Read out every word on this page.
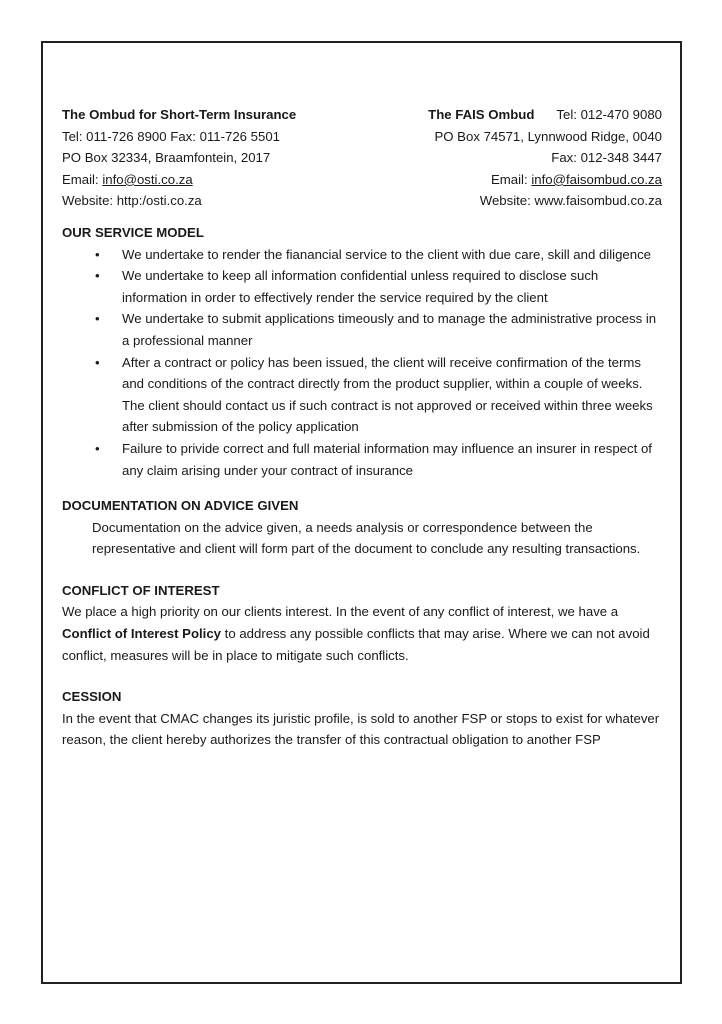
The Ombud for Short-Term Insurance
Tel: 011-726 8900 Fax: 011-726 5501
PO Box 32334, Braamfontein, 2017
Email: info@osti.co.za
Website: http:/osti.co.za
The FAIS Ombud Tel: 012-470 9080
PO Box 74571, Lynnwood Ridge, 0040
Fax: 012-348 3447
Email: info@faisombud.co.za
Website: www.faisombud.co.za
OUR SERVICE MODEL
• We undertake to render the fianancial service to the client with due care, skill and diligence
• We undertake to keep all information confidential unless required to disclose such information in order to effectively render the service required by the client
• We undertake to submit applications timeously and to manage the administrative process in a professional manner
• After a contract or policy has been issued, the client will receive confirmation of the terms and conditions of the contract directly from the product supplier, within a couple of weeks. The client should contact us if such contract is not approved or received within three weeks after submission of the policy application
• Failure to privide correct and full material information may influence an insurer in respect of any claim arising under your contract of insurance
DOCUMENTATION ON ADVICE GIVEN
Documentation on the advice given, a needs analysis or correspondence between the representative and client will form part of the document to conclude any resulting transactions.
CONFLICT OF INTEREST
We place a high priority on our clients interest. In the event of any conflict of interest, we have a Conflict of Interest Policy to address any possible conflicts that may arise. Where we can not avoid conflict, measures will be in place to mitigate such conflicts.
CESSION
In the event that CMAC changes its juristic profile, is sold to another FSP or stops to exist for whatever reason, the client hereby authorizes the transfer of this contractual obligation to another FSP
